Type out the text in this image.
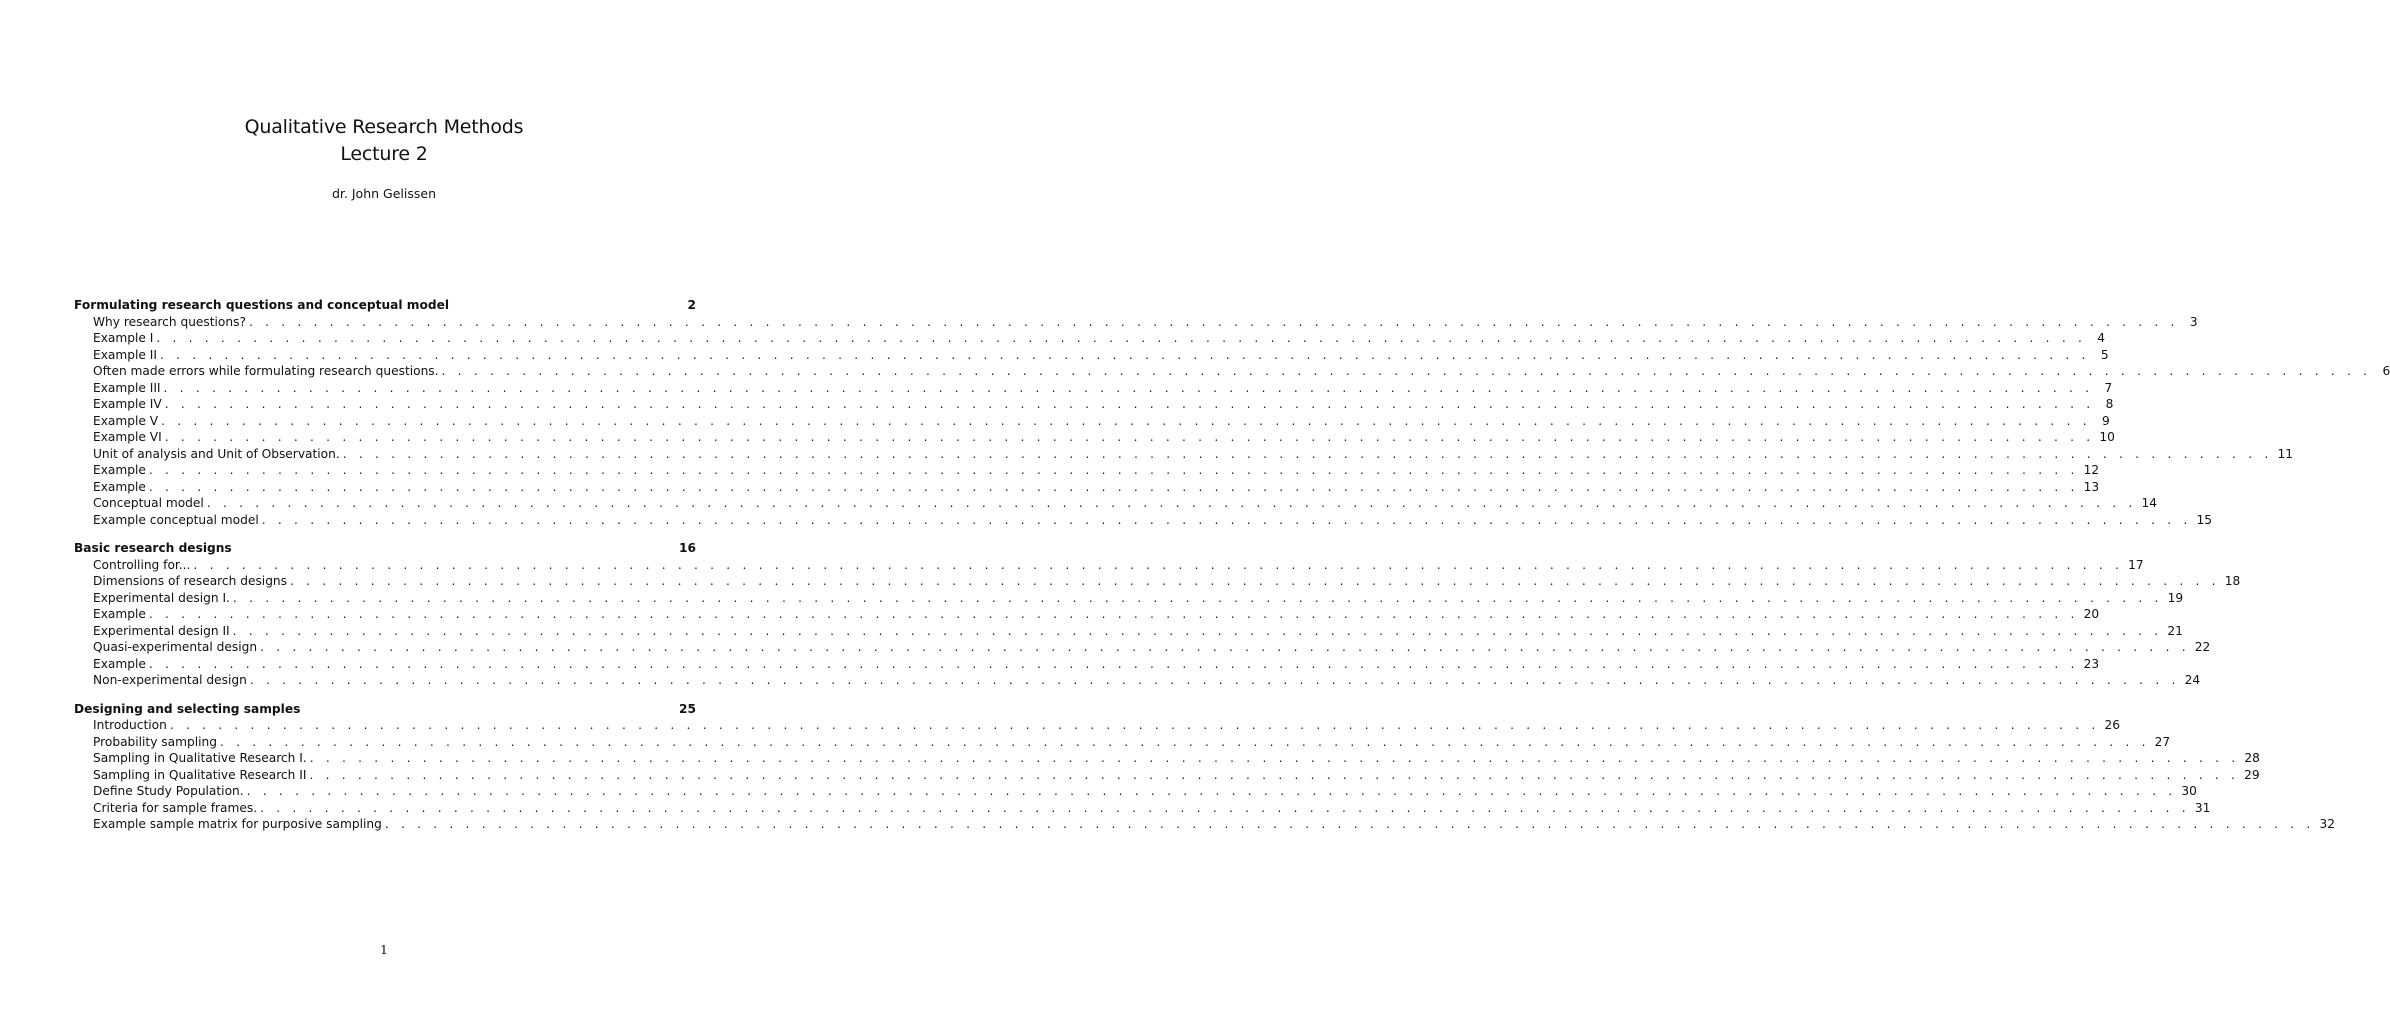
Qualitative Research Methods
Lecture 2
dr. John Gelissen
Formulating research questions and conceptual model	2
Why research questions? . . . . . . . . . . . . . . . . . . . . . . . . . . . . . . . . . . . . . . . . . . . . . . . . . . . . . . . . . . . . . . . . . . . . . . . . . . . . . . . . . . . . . . . . . . . . . . . . . . . . . . . . . . . . . . . . . . . . . . . . 3
Example I . . . . . . . . . . . . . . . . . . . . . . . . . . . . . . . . . . . . . . . . . . . . . . . . . . . . . . . . . . . . . . . . . . . . . . . . . . . . . . . . . . . . . . . . . . . . . . . . . . . . . . . . . . . . . . . . . . . . . . . . 4
Example II . . . . . . . . . . . . . . . . . . . . . . . . . . . . . . . . . . . . . . . . . . . . . . . . . . . . . . . . . . . . . . . . . . . . . . . . . . . . . . . . . . . . . . . . . . . . . . . . . . . . . . . . . . . . . . . . . . . . . . . . 5
Often made errors while formulating research questions. . . . . . . . . . . . . . . . . . . . . . . . . . . . . . . . . . . . . . . . . . . . . . . . . . . . . . . . . . . . . . . . . . . . . . . . . . . . . . . . . . . . . . . . . . . . . . . . . . . . . . . . . . . . . . . . . . . . . . . . . 6
Example III . . . . . . . . . . . . . . . . . . . . . . . . . . . . . . . . . . . . . . . . . . . . . . . . . . . . . . . . . . . . . . . . . . . . . . . . . . . . . . . . . . . . . . . . . . . . . . . . . . . . . . . . . . . . . . . . . . . . . . . . 7
Example IV . . . . . . . . . . . . . . . . . . . . . . . . . . . . . . . . . . . . . . . . . . . . . . . . . . . . . . . . . . . . . . . . . . . . . . . . . . . . . . . . . . . . . . . . . . . . . . . . . . . . . . . . . . . . . . . . . . . . . . . . 8
Example V . . . . . . . . . . . . . . . . . . . . . . . . . . . . . . . . . . . . . . . . . . . . . . . . . . . . . . . . . . . . . . . . . . . . . . . . . . . . . . . . . . . . . . . . . . . . . . . . . . . . . . . . . . . . . . . . . . . . . . . . 9
Example VI . . . . . . . . . . . . . . . . . . . . . . . . . . . . . . . . . . . . . . . . . . . . . . . . . . . . . . . . . . . . . . . . . . . . . . . . . . . . . . . . . . . . . . . . . . . . . . . . . . . . . . . . . . . . . . . . . . . . . . . . 10
Unit of analysis and Unit of Observation. . . . . . . . . . . . . . . . . . . . . . . . . . . . . . . . . . . . . . . . . . . . . . . . . . . . . . . . . . . . . . . . . . . . . . . . . . . . . . . . . . . . . . . . . . . . . . . . . . . . . . . . . . . . . . . . . . . . . . . . . 11
Example . . . . . . . . . . . . . . . . . . . . . . . . . . . . . . . . . . . . . . . . . . . . . . . . . . . . . . . . . . . . . . . . . . . . . . . . . . . . . . . . . . . . . . . . . . . . . . . . . . . . . . . . . . . . . . . . . . . . . . . . 12
Example . . . . . . . . . . . . . . . . . . . . . . . . . . . . . . . . . . . . . . . . . . . . . . . . . . . . . . . . . . . . . . . . . . . . . . . . . . . . . . . . . . . . . . . . . . . . . . . . . . . . . . . . . . . . . . . . . . . . . . . . 13
Conceptual model . . . . . . . . . . . . . . . . . . . . . . . . . . . . . . . . . . . . . . . . . . . . . . . . . . . . . . . . . . . . . . . . . . . . . . . . . . . . . . . . . . . . . . . . . . . . . . . . . . . . . . . . . . . . . . . . . . . . . . . . 14
Example conceptual model . . . . . . . . . . . . . . . . . . . . . . . . . . . . . . . . . . . . . . . . . . . . . . . . . . . . . . . . . . . . . . . . . . . . . . . . . . . . . . . . . . . . . . . . . . . . . . . . . . . . . . . . . . . . . . . . . . . . . . . . 15
Basic research designs	16
Controlling for... . . . . . . . . . . . . . . . . . . . . . . . . . . . . . . . . . . . . . . . . . . . . . . . . . . . . . . . . . . . . . . . . . . . . . . . . . . . . . . . . . . . . . . . . . . . . . . . . . . . . . . . . . . . . . . . . . . . . . . . . 17
Dimensions of research designs . . . . . . . . . . . . . . . . . . . . . . . . . . . . . . . . . . . . . . . . . . . . . . . . . . . . . . . . . . . . . . . . . . . . . . . . . . . . . . . . . . . . . . . . . . . . . . . . . . . . . . . . . . . . . . . . . . . . . . . . 18
Experimental design I. . . . . . . . . . . . . . . . . . . . . . . . . . . . . . . . . . . . . . . . . . . . . . . . . . . . . . . . . . . . . . . . . . . . . . . . . . . . . . . . . . . . . . . . . . . . . . . . . . . . . . . . . . . . . . . . . . . . . . . . . 19
Example . . . . . . . . . . . . . . . . . . . . . . . . . . . . . . . . . . . . . . . . . . . . . . . . . . . . . . . . . . . . . . . . . . . . . . . . . . . . . . . . . . . . . . . . . . . . . . . . . . . . . . . . . . . . . . . . . . . . . . . . 20
Experimental design II . . . . . . . . . . . . . . . . . . . . . . . . . . . . . . . . . . . . . . . . . . . . . . . . . . . . . . . . . . . . . . . . . . . . . . . . . . . . . . . . . . . . . . . . . . . . . . . . . . . . . . . . . . . . . . . . . . . . . . . . 21
Quasi-experimental design . . . . . . . . . . . . . . . . . . . . . . . . . . . . . . . . . . . . . . . . . . . . . . . . . . . . . . . . . . . . . . . . . . . . . . . . . . . . . . . . . . . . . . . . . . . . . . . . . . . . . . . . . . . . . . . . . . . . . . . . 22
Example . . . . . . . . . . . . . . . . . . . . . . . . . . . . . . . . . . . . . . . . . . . . . . . . . . . . . . . . . . . . . . . . . . . . . . . . . . . . . . . . . . . . . . . . . . . . . . . . . . . . . . . . . . . . . . . . . . . . . . . . 23
Non-experimental design . . . . . . . . . . . . . . . . . . . . . . . . . . . . . . . . . . . . . . . . . . . . . . . . . . . . . . . . . . . . . . . . . . . . . . . . . . . . . . . . . . . . . . . . . . . . . . . . . . . . . . . . . . . . . . . . . . . . . . . . 24
Designing and selecting samples	25
Introduction . . . . . . . . . . . . . . . . . . . . . . . . . . . . . . . . . . . . . . . . . . . . . . . . . . . . . . . . . . . . . . . . . . . . . . . . . . . . . . . . . . . . . . . . . . . . . . . . . . . . . . . . . . . . . . . . . . . . . . . . 26
Probability sampling . . . . . . . . . . . . . . . . . . . . . . . . . . . . . . . . . . . . . . . . . . . . . . . . . . . . . . . . . . . . . . . . . . . . . . . . . . . . . . . . . . . . . . . . . . . . . . . . . . . . . . . . . . . . . . . . . . . . . . . . 27
Sampling in Qualitative Research I. . . . . . . . . . . . . . . . . . . . . . . . . . . . . . . . . . . . . . . . . . . . . . . . . . . . . . . . . . . . . . . . . . . . . . . . . . . . . . . . . . . . . . . . . . . . . . . . . . . . . . . . . . . . . . . . . . . . . . . . . 28
Sampling in Qualitative Research II . . . . . . . . . . . . . . . . . . . . . . . . . . . . . . . . . . . . . . . . . . . . . . . . . . . . . . . . . . . . . . . . . . . . . . . . . . . . . . . . . . . . . . . . . . . . . . . . . . . . . . . . . . . . . . . . . . . . . . . . 29
Define Study Population. . . . . . . . . . . . . . . . . . . . . . . . . . . . . . . . . . . . . . . . . . . . . . . . . . . . . . . . . . . . . . . . . . . . . . . . . . . . . . . . . . . . . . . . . . . . . . . . . . . . . . . . . . . . . . . . . . . . . . . . . 30
Criteria for sample frames. . . . . . . . . . . . . . . . . . . . . . . . . . . . . . . . . . . . . . . . . . . . . . . . . . . . . . . . . . . . . . . . . . . . . . . . . . . . . . . . . . . . . . . . . . . . . . . . . . . . . . . . . . . . . . . . . . . . . . . . . 31
Example sample matrix for purposive sampling . . . . . . . . . . . . . . . . . . . . . . . . . . . . . . . . . . . . . . . . . . . . . . . . . . . . . . . . . . . . . . . . . . . . . . . . . . . . . . . . . . . . . . . . . . . . . . . . . . . . . . . . . . . . . . . . . . . . . . . . 32
1
